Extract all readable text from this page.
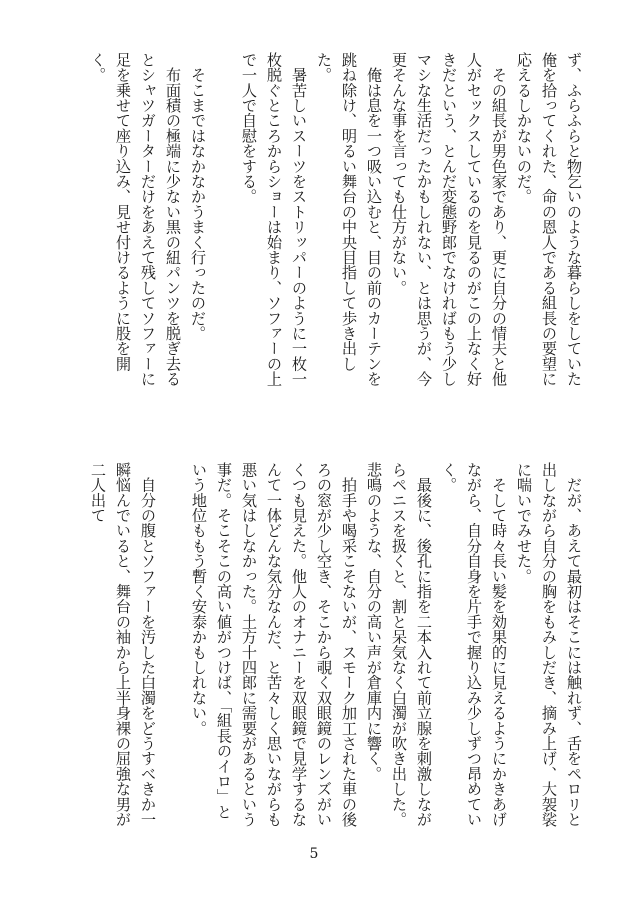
ず、ふらふらと物乞いのような暮らしをしていた俺を拾ってくれた、命の恩人である組長の要望に応えるしかないのだ。

　その組長が男色家であり、更に自分の情夫と他人がセックスしているのを見るのがこの上なく好きだという、とんだ変態野郎でなければもう少しマシな生活だったかもしれない、とは思うが、今更そんな事を言っても仕方がない。

　俺は息を一つ吸い込むと、目の前のカーテンを跳ね除け、明るい舞台の中央目指して歩き出した。

　暑苦しいスーツをストリッパーのように一枚一枚脱ぐところからショーは始まり、ソファーの上で一人で自慰をする。

　そこまではなかなかうまく行ったのだ。

　布面積の極端に少ない黒の紐パンツを脱ぎ去るとシャツガーターだけをあえて残してソファーに足を乗せて座り込み、見せ付けるように股を開く。

　だが、あえて最初はそこには触れず、舌をペロリと出しながら自分の胸をもみしだき、摘み上げ、大袈裟に喘いでみせた。

　そして時々長い髪を効果的に見えるようにかきあげながら、自分自身を片手で握り込み少しずつ昂めていく。

　最後に、後孔に指を二本入れて前立腺を刺激しながらペニスを扱くと、割と呆気なく白濁が吹き出した。悲鳴のような、自分の高い声が倉庫内に響く。

　拍手や喝采こそないが、スモーク加工された車の後ろの窓が少し空き、そこから覗く双眼鏡のレンズがいくつも見えた。他人のオナニーを双眼鏡で見学するなんて一体どんな気分なんだ、と苦々しく思いながらも悪い気はしなかった。土方十四郎に需要があるという事だ。そこそこの高い値がつけば、「組長のイロ」という地位ももう暫く安泰かもしれない。

　自分の腹とソファーを汚した白濁をどうすべきか一瞬悩んでいると、舞台の袖から上半身裸の屈強な男が二人出て

5
